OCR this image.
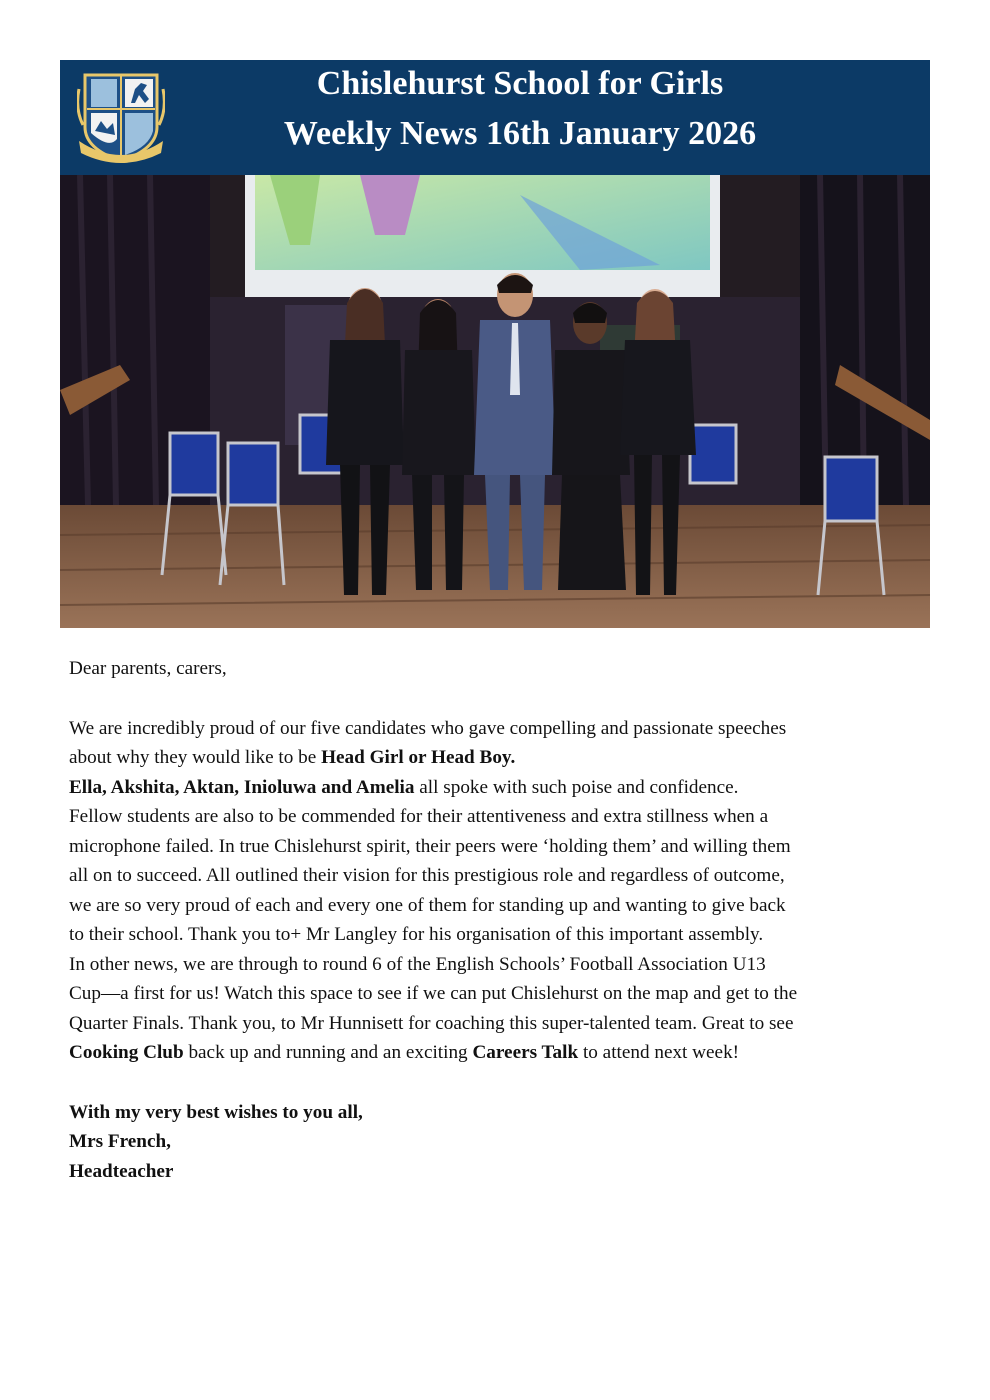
Chislehurst School for Girls
Weekly News 16th January 2026

Dear parents, carers,

We are incredibly proud of our five candidates who gave compelling and passionate speeches

about why they would like to be Head Girl or Head Boy.

Ella, Akshita, Aktan, Inioluwa and Amelia all spoke with such poise and confidence.

Fellow students are also to be commended for their attentiveness and extra stillness when a

microphone failed. In true Chislehurst spirit, their peers were ‘holding them’ and willing them

all on to succeed. All outlined their vision for this prestigious role and regardless of outcome,

we are so very proud of each and every one of them for standing up and wanting to give back

to their school. Thank you to+ Mr Langley for his organisation of this important assembly.

In other news, we are through to round 6 of the English Schools’ Football Association U13

Cup—a first for us! Watch this space to see if we can put Chislehurst on the map and get to the

Quarter Finals. Thank you, to Mr Hunnisett for coaching this super-talented team. Great to see

Cooking Club back up and running and an exciting Careers Talk to attend next week!

With my very best wishes to you all,

Mrs French,

Headteacher
